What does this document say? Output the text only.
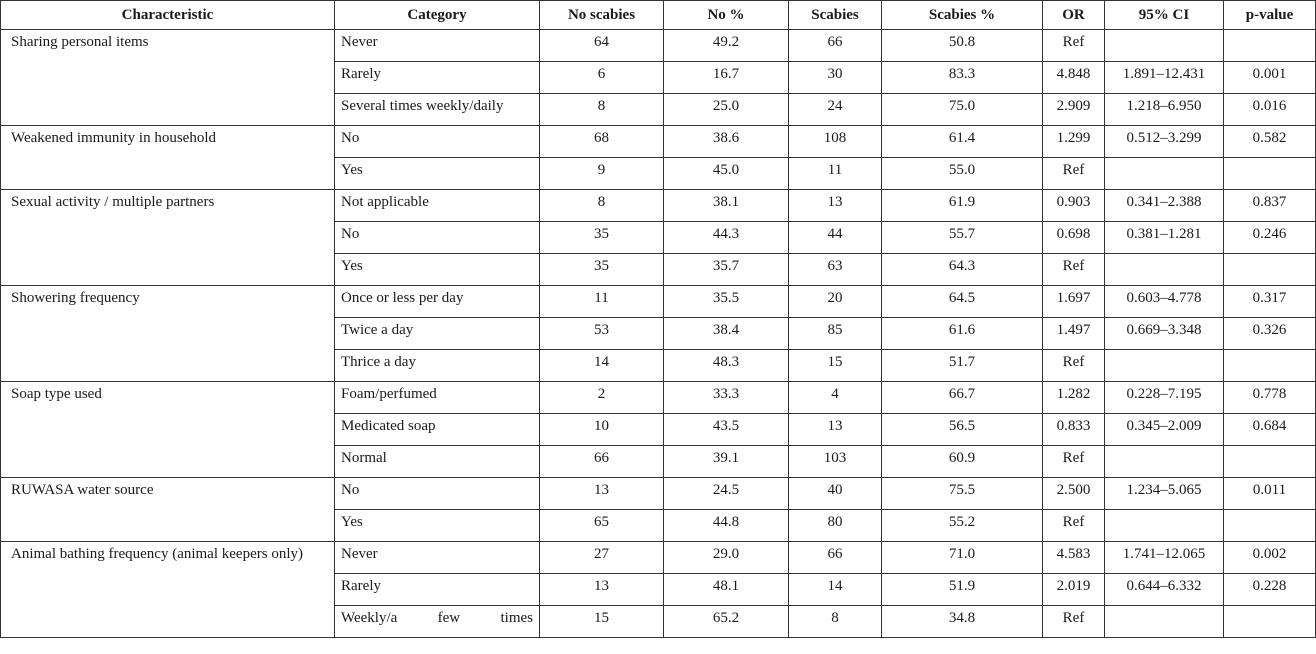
Characteristic	Category	No scabies	No %	Scabies	Scabies %	OR	95% CI	p-value
Sharing personal items	Never	64	49.2	66	50.8	Ref		
	Rarely	6	16.7	30	83.3	4.848	1.891–12.431	0.001
	Several times weekly/daily	8	25.0	24	75.0	2.909	1.218–6.950	0.016
Weakened immunity in household	No	68	38.6	108	61.4	1.299	0.512–3.299	0.582
	Yes	9	45.0	11	55.0	Ref		
Sexual activity / multiple partners	Not applicable	8	38.1	13	61.9	0.903	0.341–2.388	0.837
	No	35	44.3	44	55.7	0.698	0.381–1.281	0.246
	Yes	35	35.7	63	64.3	Ref		
Showering frequency	Once or less per day	11	35.5	20	64.5	1.697	0.603–4.778	0.317
	Twice a day	53	38.4	85	61.6	1.497	0.669–3.348	0.326
	Thrice a day	14	48.3	15	51.7	Ref		
Soap type used	Foam/perfumed	2	33.3	4	66.7	1.282	0.228–7.195	0.778
	Medicated soap	10	43.5	13	56.5	0.833	0.345–2.009	0.684
	Normal	66	39.1	103	60.9	Ref		
RUWASA water source	No	13	24.5	40	75.5	2.500	1.234–5.065	0.011
	Yes	65	44.8	80	55.2	Ref		
Animal bathing frequency (animal keepers only)	Never	27	29.0	66	71.0	4.583	1.741–12.065	0.002
	Rarely	13	48.1	14	51.9	2.019	0.644–6.332	0.228
	Weekly/a few times	15	65.2	8	34.8	Ref		
